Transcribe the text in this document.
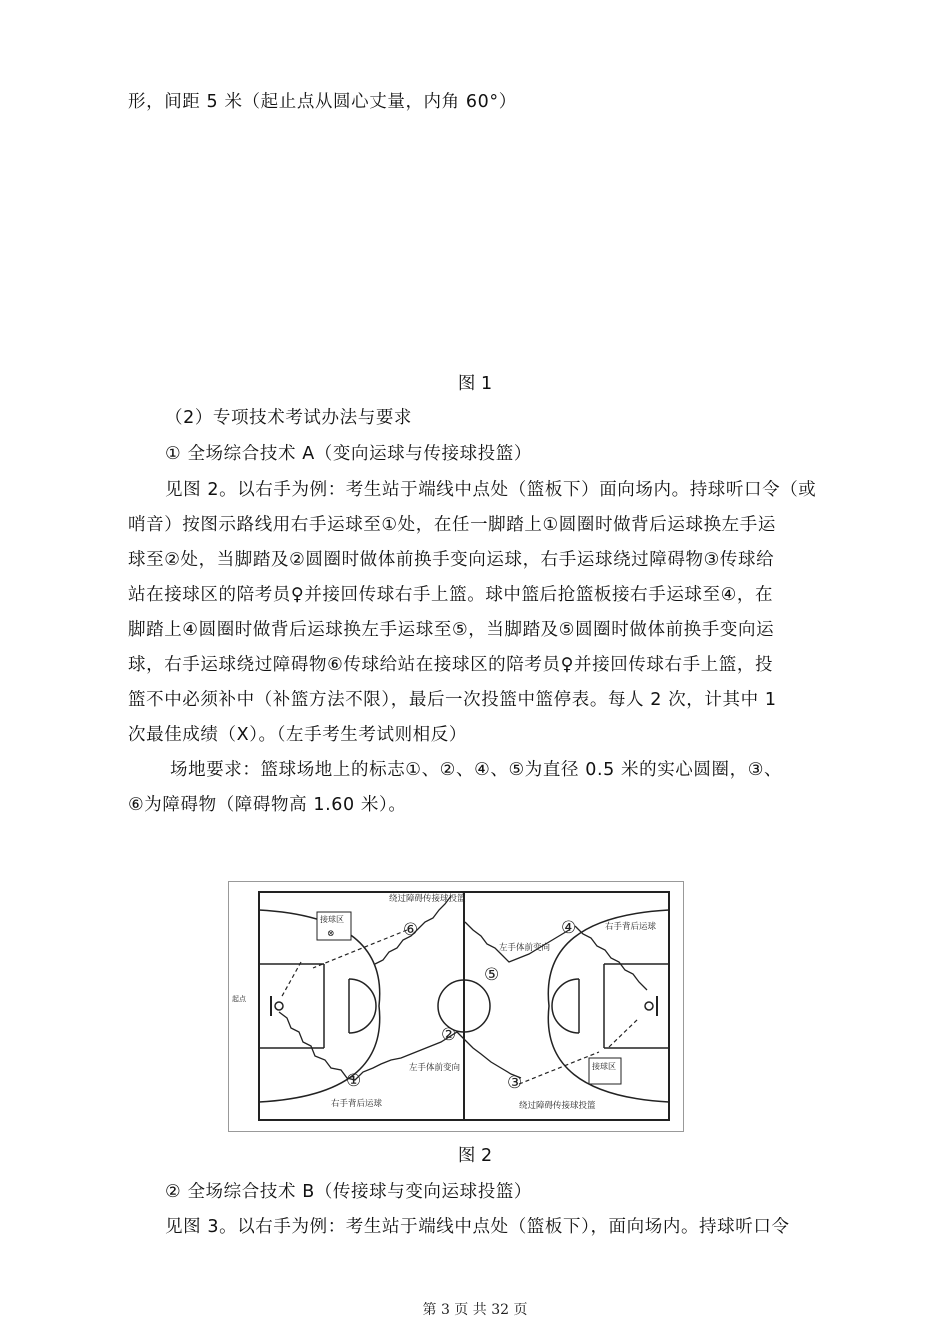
形，间距 5 米（起止点从圆心丈量，内角 60°）
图 1
（2）专项技术考试办法与要求
① 全场综合技术 A（变向运球与传接球投篮）
见图 2。以右手为例：考生站于端线中点处（篮板下）面向场内。持球听口令（或
哨音）按图示路线用右手运球至①处，在任一脚踏上①圆圈时做背后运球换左手运
球至②处，当脚踏及②圆圈时做体前换手变向运球，右手运球绕过障碍物③传球给
站在接球区的陪考员♀并接回传球右手上篮。球中篮后抢篮板接右手运球至④，在
脚踏上④圆圈时做背后运球换左手运球至⑤，当脚踏及⑤圆圈时做体前换手变向运
球，右手运球绕过障碍物⑥传球给站在接球区的陪考员♀并接回传球右手上篮，投
篮不中必须补中（补篮方法不限），最后一次投篮中篮停表。每人 2 次，计其中 1
次最佳成绩（X）。（左手考生考试则相反）
场地要求：篮球场地上的标志①、②、④、⑤为直径 0.5 米的实心圆圈，③、
⑥为障碍物（障碍物高 1.60 米）。
接球区
⊗
接球区
绕过障碍传接球投篮
绕过障碍传接球投篮
右手背后运球
左手体前变向
左手体前变向
右手背后运球
起点
①
②
③
④
⑤
⑥
图 2
② 全场综合技术 B（传接球与变向运球投篮）
见图 3。以右手为例：考生站于端线中点处（篮板下），面向场内。持球听口令
第 3 页 共 32 页
